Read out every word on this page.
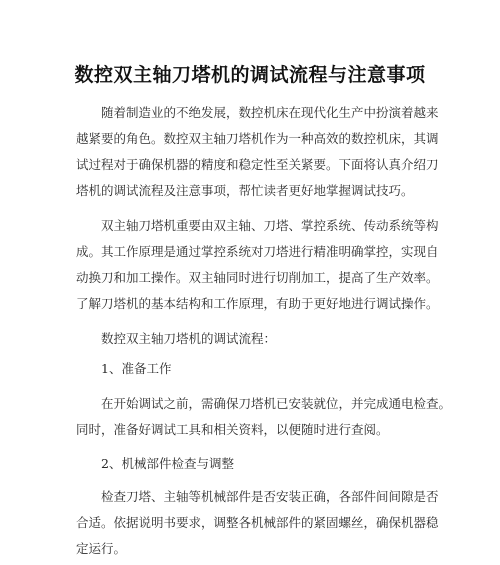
数控双主轴刀塔机的调试流程与注意事项
随着制造业的不绝发展，数控机床在现代化生产中扮演着越来
越紧要的角色。数控双主轴刀塔机作为一种高效的数控机床，其调
试过程对于确保机器的精度和稳定性至关紧要。下面将认真介绍刀
塔机的调试流程及注意事项，帮忙读者更好地掌握调试技巧。
双主轴刀塔机重要由双主轴、刀塔、掌控系统、传动系统等构
成。其工作原理是通过掌控系统对刀塔进行精准明确掌控，实现自
动换刀和加工操作。双主轴同时进行切削加工，提高了生产效率。
了解刀塔机的基本结构和工作原理，有助于更好地进行调试操作。
数控双主轴刀塔机的调试流程：
1、准备工作
在开始调试之前，需确保刀塔机已安装就位，并完成通电检查。
同时，准备好调试工具和相关资料，以便随时进行查阅。
2、机械部件检查与调整
检查刀塔、主轴等机械部件是否安装正确，各部件间间隙是否
合适。依据说明书要求，调整各机械部件的紧固螺丝，确保机器稳
定运行。
